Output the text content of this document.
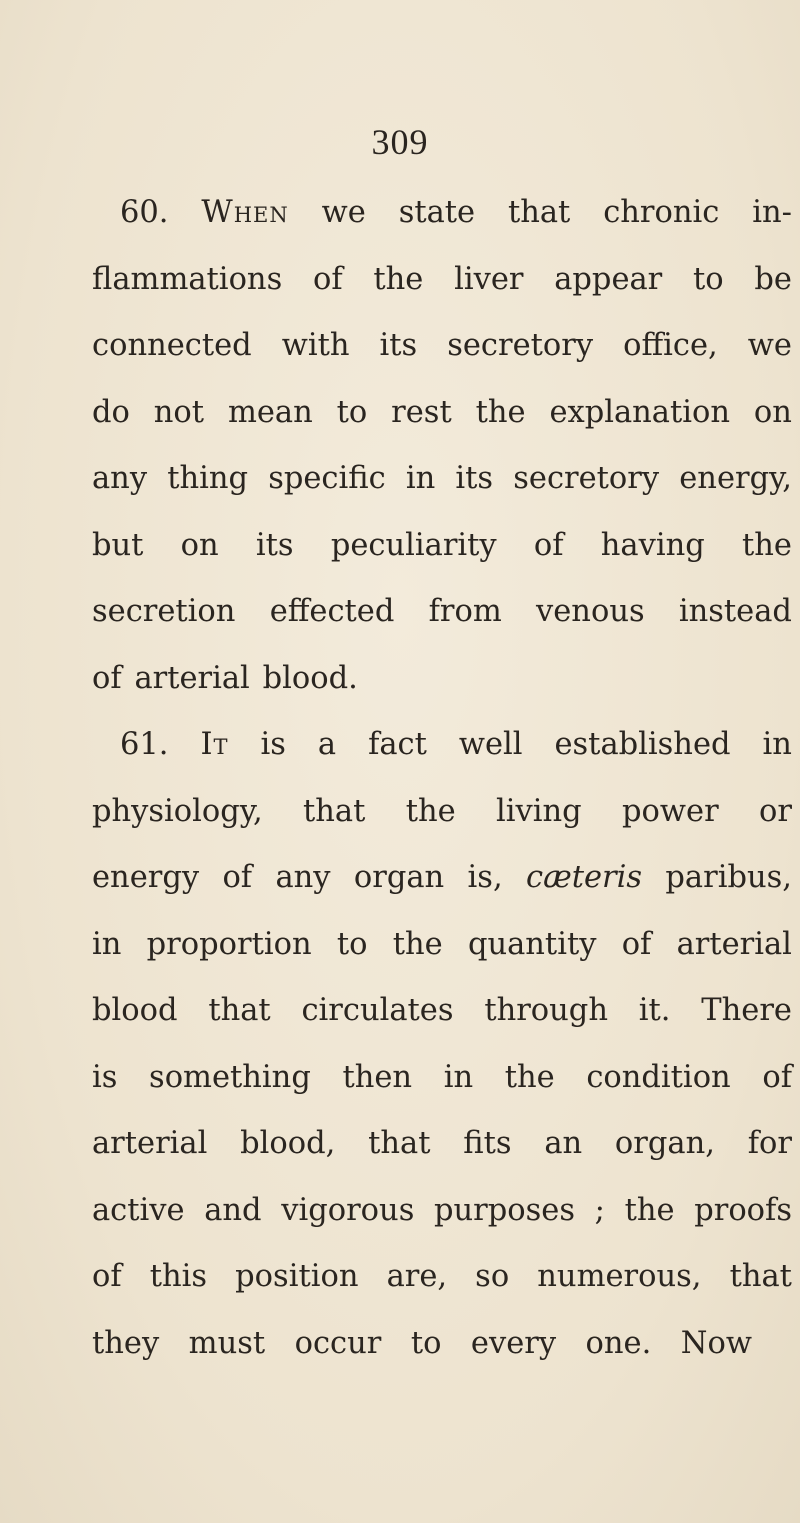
309
60. When we state that chronic in-
flammations of the liver appear to be
connected with its secretory office, we
do not mean to rest the explanation on
any thing specific in its secretory energy,
but on its peculiarity of having the
secretion effected from venous instead
of arterial blood.
61. It is a fact well established in
physiology, that the living power or
energy of any organ is, cæteris paribus,
in proportion to the quantity of arterial
blood that circulates through it. There
is something then in the condition of
arterial blood, that fits an organ, for
active and vigorous purposes ; the proofs
of this position are, so numerous, that
they must occur to every one. Now
